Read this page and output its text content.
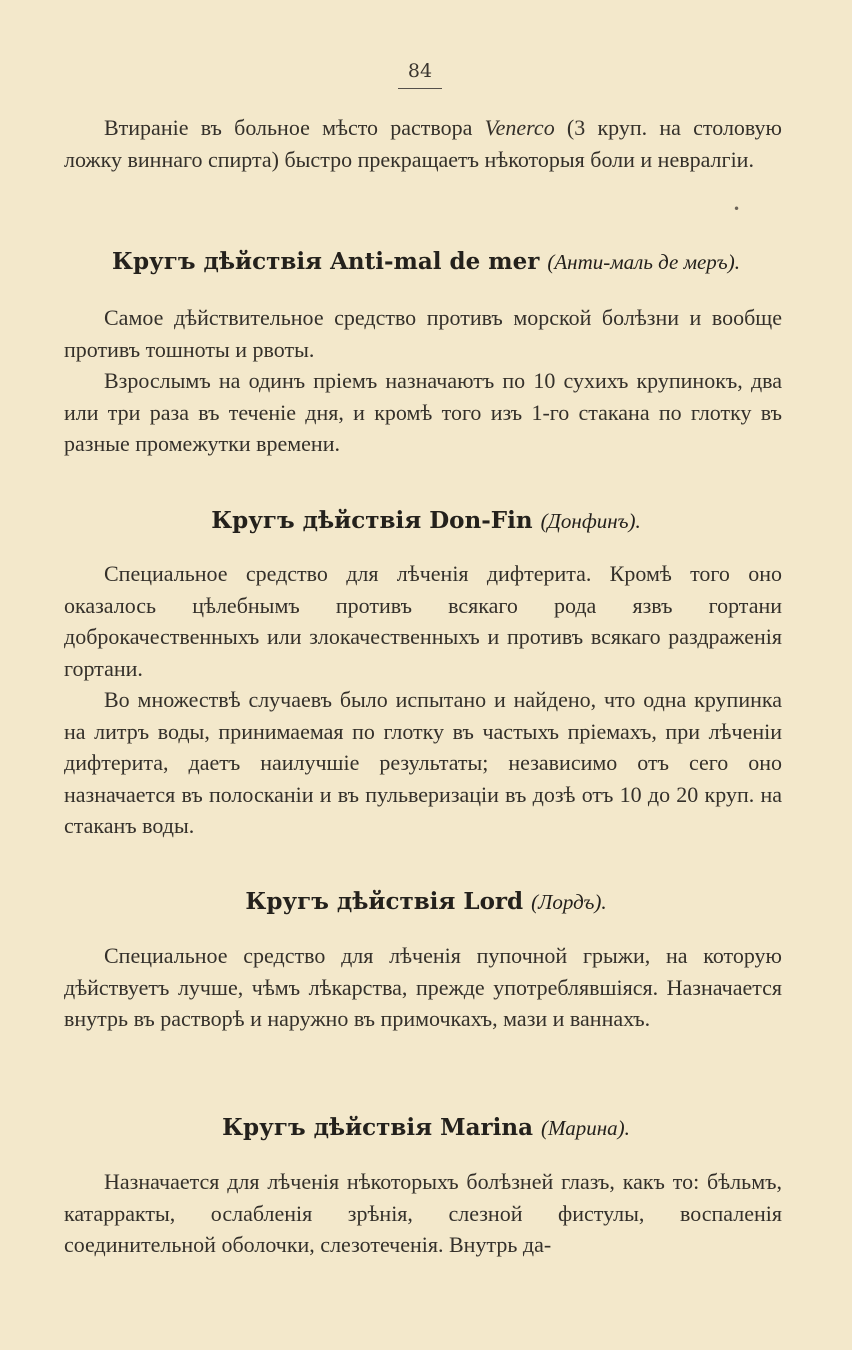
84

Втираніе въ больное мѣсто раствора Venerco (3 круп. на столовую ложку виннаго спирта) быстро прекращаетъ нѣкоторыя боли и невралгіи.

•
Кругъ дѣйствія Anti-mal de mer (Анти-маль де меръ).

Самое дѣйствительное средство противъ морской болѣзни и вообще противъ тошноты и рвоты.

Взрослымъ на одинъ пріемъ назначаютъ по 10 сухихъ крупинокъ, два или три раза въ теченіе дня, и кромѣ того изъ 1-го стакана по глотку въ разные промежутки времени.

Кругъ дѣйствія Don-Fin (Донфинъ).

Специальное средство для лѣченія дифтерита. Кромѣ того оно оказалось цѣлебнымъ противъ всякаго рода язвъ гортани доброкачественныхъ или злокачественныхъ и противъ всякаго раздраженія гортани.

Во множествѣ случаевъ было испытано и найдено, что одна крупинка на литръ воды, принимаемая по глотку въ частыхъ пріемахъ, при лѣченіи дифтерита, даетъ наилучшіе результаты; независимо отъ сего оно назначается въ полосканіи и въ пульверизаціи въ дозѣ отъ 10 до 20 круп. на стаканъ воды.

Кругъ дѣйствія Lord (Лордъ).

Специальное средство для лѣченія пупочной грыжи, на которую дѣйствуетъ лучше, чѣмъ лѣкарства, прежде употреблявшіяся. Назначается внутрь въ растворѣ и наружно въ примочкахъ, мази и ваннахъ.

Кругъ дѣйствія Marina (Марина).

Назначается для лѣченія нѣкоторыхъ болѣзней глазъ, какъ то: бѣльмъ, катарракты, ослабленія зрѣнія, слезной фистулы, воспаленія соединительной оболочки, слезотеченія. Внутрь да-
